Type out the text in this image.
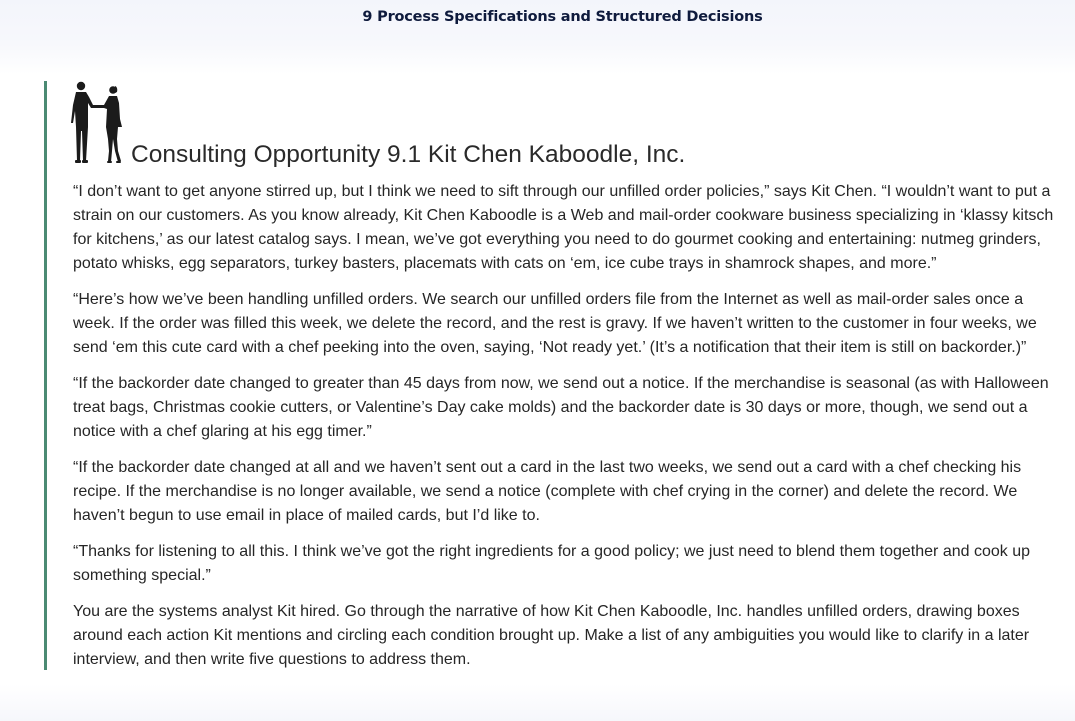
9 Process Specifications and Structured Decisions
Consulting Opportunity 9.1 Kit Chen Kaboodle, Inc.

“I don’t want to get anyone stirred up, but I think we need to sift through our unfilled order policies,” says Kit Chen. “I wouldn’t want to put a strain on our customers. As you know already, Kit Chen Kaboodle is a Web and mail-order cookware business specializing in ‘klassy kitsch for kitchens,’ as our latest catalog says. I mean, we’ve got everything you need to do gourmet cooking and entertaining: nutmeg grinders, potato whisks, egg separators, turkey basters, placemats with cats on ‘em, ice cube trays in shamrock shapes, and more.”

“Here’s how we’ve been handling unfilled orders. We search our unfilled orders file from the Internet as well as mail-order sales once a week. If the order was filled this week, we delete the record, and the rest is gravy. If we haven’t written to the customer in four weeks, we send ‘em this cute card with a chef peeking into the oven, saying, ‘Not ready yet.’ (It’s a notification that their item is still on backorder.)”

“If the backorder date changed to greater than 45 days from now, we send out a notice. If the merchandise is seasonal (as with Halloween treat bags, Christmas cookie cutters, or Valentine’s Day cake molds) and the backorder date is 30 days or more, though, we send out a notice with a chef glaring at his egg timer.”

“If the backorder date changed at all and we haven’t sent out a card in the last two weeks, we send out a card with a chef checking his recipe. If the merchandise is no longer available, we send a notice (complete with chef crying in the corner) and delete the record. We haven’t begun to use email in place of mailed cards, but I’d like to.

“Thanks for listening to all this. I think we’ve got the right ingredients for a good policy; we just need to blend them together and cook up something special.”

You are the systems analyst Kit hired. Go through the narrative of how Kit Chen Kaboodle, Inc. handles unfilled orders, drawing boxes around each action Kit mentions and circling each condition brought up. Make a list of any ambiguities you would like to clarify in a later interview, and then write five questions to address them.
